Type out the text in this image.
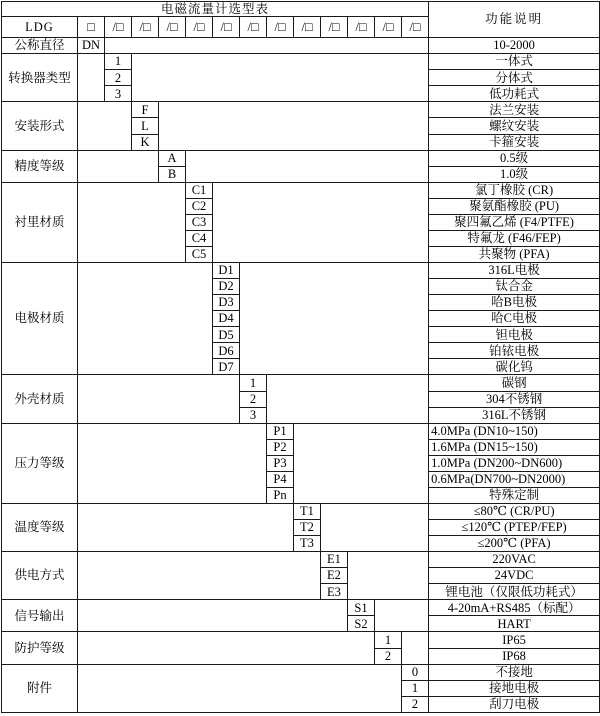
电磁流量计选型表														功能说明
LDG	□	/□	/□	/□	/□	/□	/□	/□	/□	/□	/□	/□	/□	
公称直径	DN													10-2000
转换器类型		1												一体式
		2												分体式
		3												低功耗式
安装形式			F											法兰安装
			L											螺纹安装
			K											卡箍安装
精度等级				A										0.5级
				B										1.0级
衬里材质					C1									氯丁橡胶 (CR)
					C2									聚氨酯橡胶 (PU)
					C3									聚四氟乙烯 (F4/PTFE)
					C4									特氟龙 (F46/FEP)
					C5									共聚物 (PFA)
电极材质						D1								316L电极
						D2								钛合金
						D3								哈B电极
						D4								哈C电极
						D5								钽电极
						D6								铂铱电极
						D7								碳化钨
外壳材质							1							碳钢
							2							304不锈钢
							3							316L不锈钢
压力等级								P1						4.0MPa (DN10~150)
								P2						1.6MPa (DN15~150)
								P3						1.0MPa (DN200~DN600)
								P4						0.6MPa(DN700~DN2000)
								Pn						特殊定制
温度等级									T1					≤80℃ (CR/PU)
									T2					≤120℃ (PTEP/FEP)
									T3					≤200℃ (PFA)
供电方式										E1				220VAC
										E2				24VDC
										E3				锂电池（仅限低功耗式）
信号输出											S1			4-20mA+RS485（标配）
											S2			HART
防护等级												1		IP65
												2		IP68
附件													0	不接地
													1	接地电极
													2	刮刀电极
